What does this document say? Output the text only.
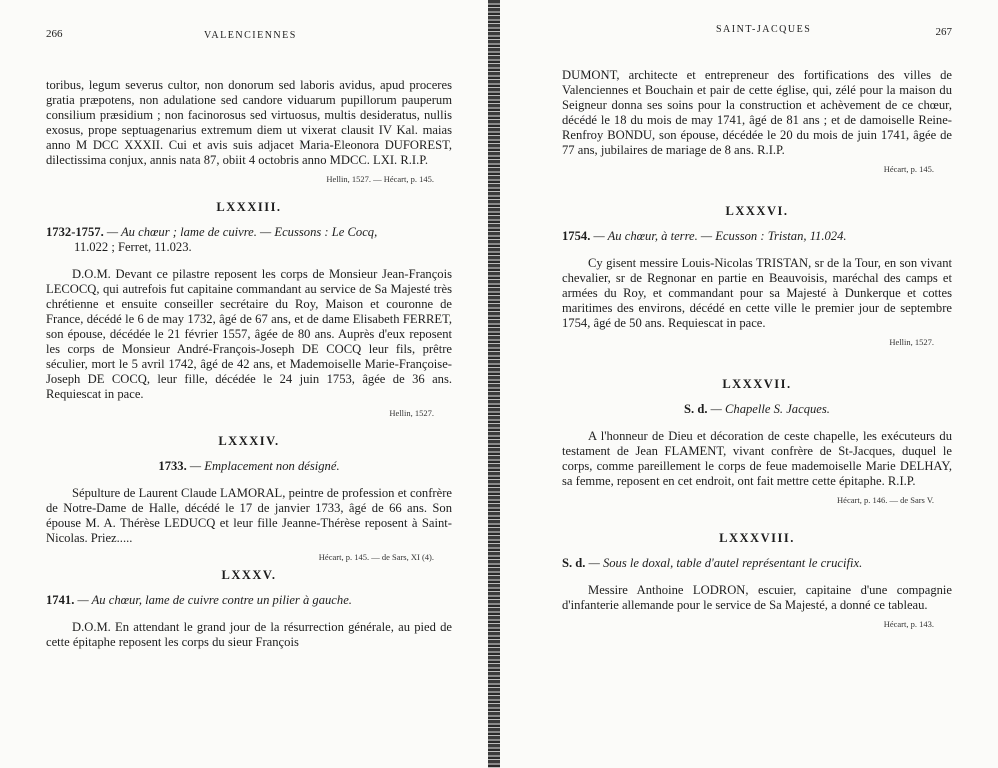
266	VALENCIENNES

toribus, legum severus cultor, non donorum sed laboris avidus, apud proceres gratia præpotens, non adulatione sed candore viduarum pupillorum pauperum consilium præsidium ; non facinorosus sed virtuosus, multis desideratus, nullis exosus, prope septuagenarius extremum diem ut vixerat clausit IV Kal. maias anno M DCC XXXII. Cui et avis suis adjacet Maria-Eleonora DUFOREST, dilectissima conjux, annis nata 87, obiit 4 octobris anno MDCC. LXI. R.I.P.

Hellin, 1527. — Hécart, p. 145.
LXXXIII.
1732-1757. — Au chœur ; lame de cuivre. — Ecussons : Le Cocq,
11.022 ; Ferret, 11.023.

D.O.M. Devant ce pilastre reposent les corps de Monsieur Jean-François LECOCQ, qui autrefois fut capitaine commandant au service de Sa Majesté très chrétienne et ensuite conseiller secrétaire du Roy, Maison et couronne de France, décédé le 6 de may 1732, âgé de 67 ans, et de dame Elisabeth FERRET, son épouse, décédée le 21 février 1557, âgée de 80 ans. Auprès d'eux reposent les corps de Monsieur André-François-Joseph DE COCQ leur fils, prêtre séculier, mort le 5 avril 1742, âgé de 42 ans, et Mademoiselle Marie-Françoise-Joseph DE COCQ, leur fille, décédée le 24 juin 1753, âgée de 36 ans. Requiescat in pace.

Hellin, 1527.
LXXXIV.
1733. — Emplacement non désigné.

Sépulture de Laurent Claude LAMORAL, peintre de profession et confrère de Notre-Dame de Halle, décédé le 17 de janvier 1733, âgé de 66 ans. Son épouse M. A. Thérèse LEDUCQ et leur fille Jeanne-Thérèse reposent à Saint-Nicolas. Priez.....

Hécart, p. 145. — de Sars, XI (4).
LXXXV.
1741. — Au chœur, lame de cuivre contre un pilier à gauche.

D.O.M. En attendant le grand jour de la résurrection générale, au pied de cette épitaphe reposent les corps du sieur François

SAINT-JACQUES	267

DUMONT, architecte et entrepreneur des fortifications des villes de Valenciennes et Bouchain et pair de cette église, qui, zélé pour la maison du Seigneur donna ses soins pour la construction et achèvement de ce chœur, décédé le 18 du mois de may 1741, âgé de 81 ans ; et de damoiselle Reine-Renfroy BONDU, son épouse, décédée le 20 du mois de juin 1741, âgée de 77 ans, jubilaires de mariage de 8 ans. R.I.P.

Hécart, p. 145.
LXXXVI.
1754. — Au chœur, à terre. — Ecusson : Tristan, 11.024.

Cy gisent messire Louis-Nicolas TRISTAN, sr de la Tour, en son vivant chevalier, sr de Regnonar en partie en Beauvoisis, maréchal des camps et armées du Roy, et commandant pour sa Majesté à Dunkerque et cottes maritimes des environs, décédé en cette ville le premier jour de septembre 1754, âgé de 50 ans. Requiescat in pace.

Hellin, 1527.
LXXXVII.
S. d. — Chapelle S. Jacques.

A l'honneur de Dieu et décoration de ceste chapelle, les exécuteurs du testament de Jean FLAMENT, vivant confrère de St-Jacques, duquel le corps, comme pareillement le corps de feue mademoiselle Marie DELHAY, sa femme, reposent en cet endroit, ont fait mettre cette épitaphe. R.I.P.

Hécart, p. 146. — de Sars V.
LXXXVIII.
S. d. — Sous le doxal, table d'autel représentant le crucifix.

Messire Anthoine LODRON, escuier, capitaine d'une compagnie d'infanterie allemande pour le service de Sa Majesté, a donné ce tableau.

Hécart, p. 143.
